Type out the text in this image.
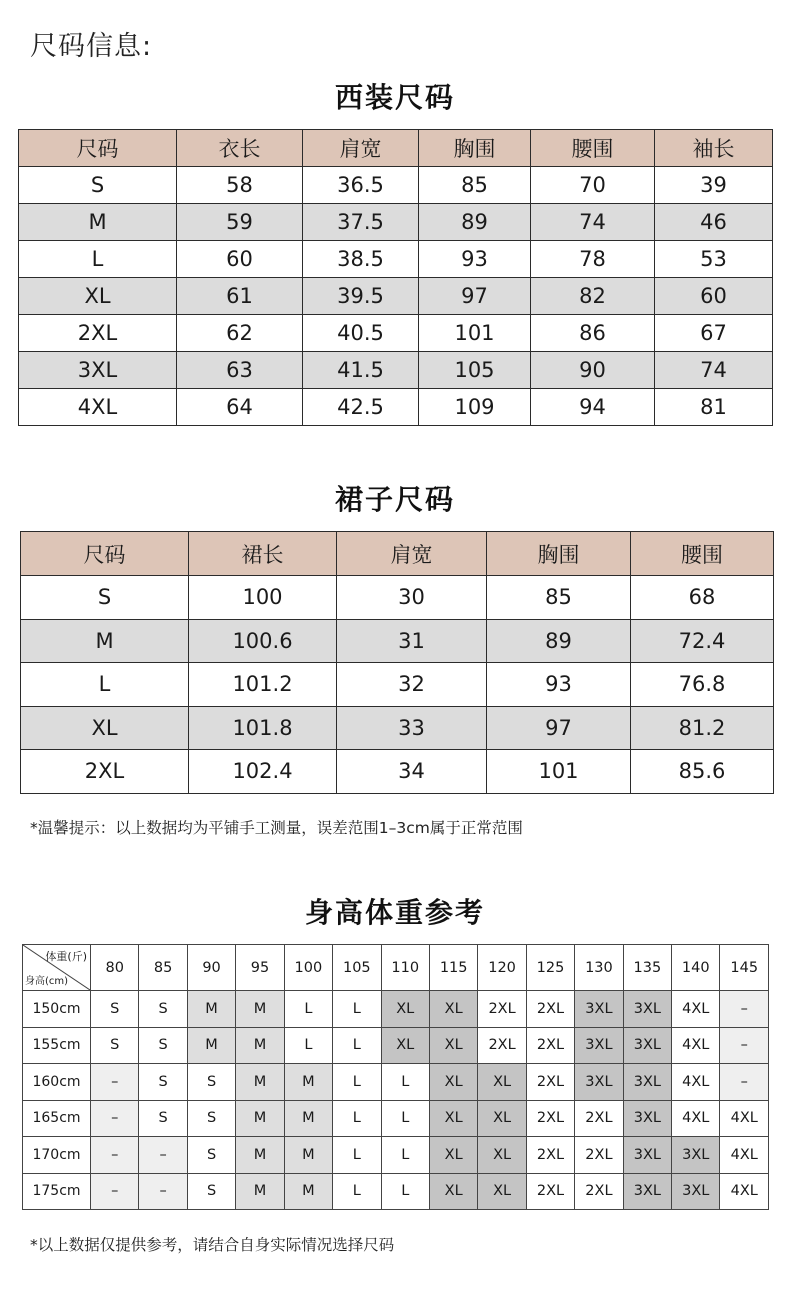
尺码信息:
西装尺码
尺码	衣长	肩宽	胸围	腰围	袖长
S	58	36.5	85	70	39
M	59	37.5	89	74	46
L	60	38.5	93	78	53
XL	61	39.5	97	82	60
2XL	62	40.5	101	86	67
3XL	63	41.5	105	90	74
4XL	64	42.5	109	94	81
裙子尺码
尺码	裙长	肩宽	胸围	腰围
S	100	30	85	68
M	100.6	31	89	72.4
L	101.2	32	93	76.8
XL	101.8	33	97	81.2
2XL	102.4	34	101	85.6
*温馨提示：以上数据均为平铺手工测量，误差范围1–3cm属于正常范围
身高体重参考
体重(斤)
身高(cm)	80	85	90	95	100	105	110	115	120	125	130	135	140	145
150cm	S	S	M	M	L	L	XL	XL	2XL	2XL	3XL	3XL	4XL	–
155cm	S	S	M	M	L	L	XL	XL	2XL	2XL	3XL	3XL	4XL	–
160cm	–	S	S	M	M	L	L	XL	XL	2XL	3XL	3XL	4XL	–
165cm	–	S	S	M	M	L	L	XL	XL	2XL	2XL	3XL	4XL	4XL
170cm	–	–	S	M	M	L	L	XL	XL	2XL	2XL	3XL	3XL	4XL
175cm	–	–	S	M	M	L	L	XL	XL	2XL	2XL	3XL	3XL	4XL
*以上数据仅提供参考，请结合自身实际情况选择尺码
